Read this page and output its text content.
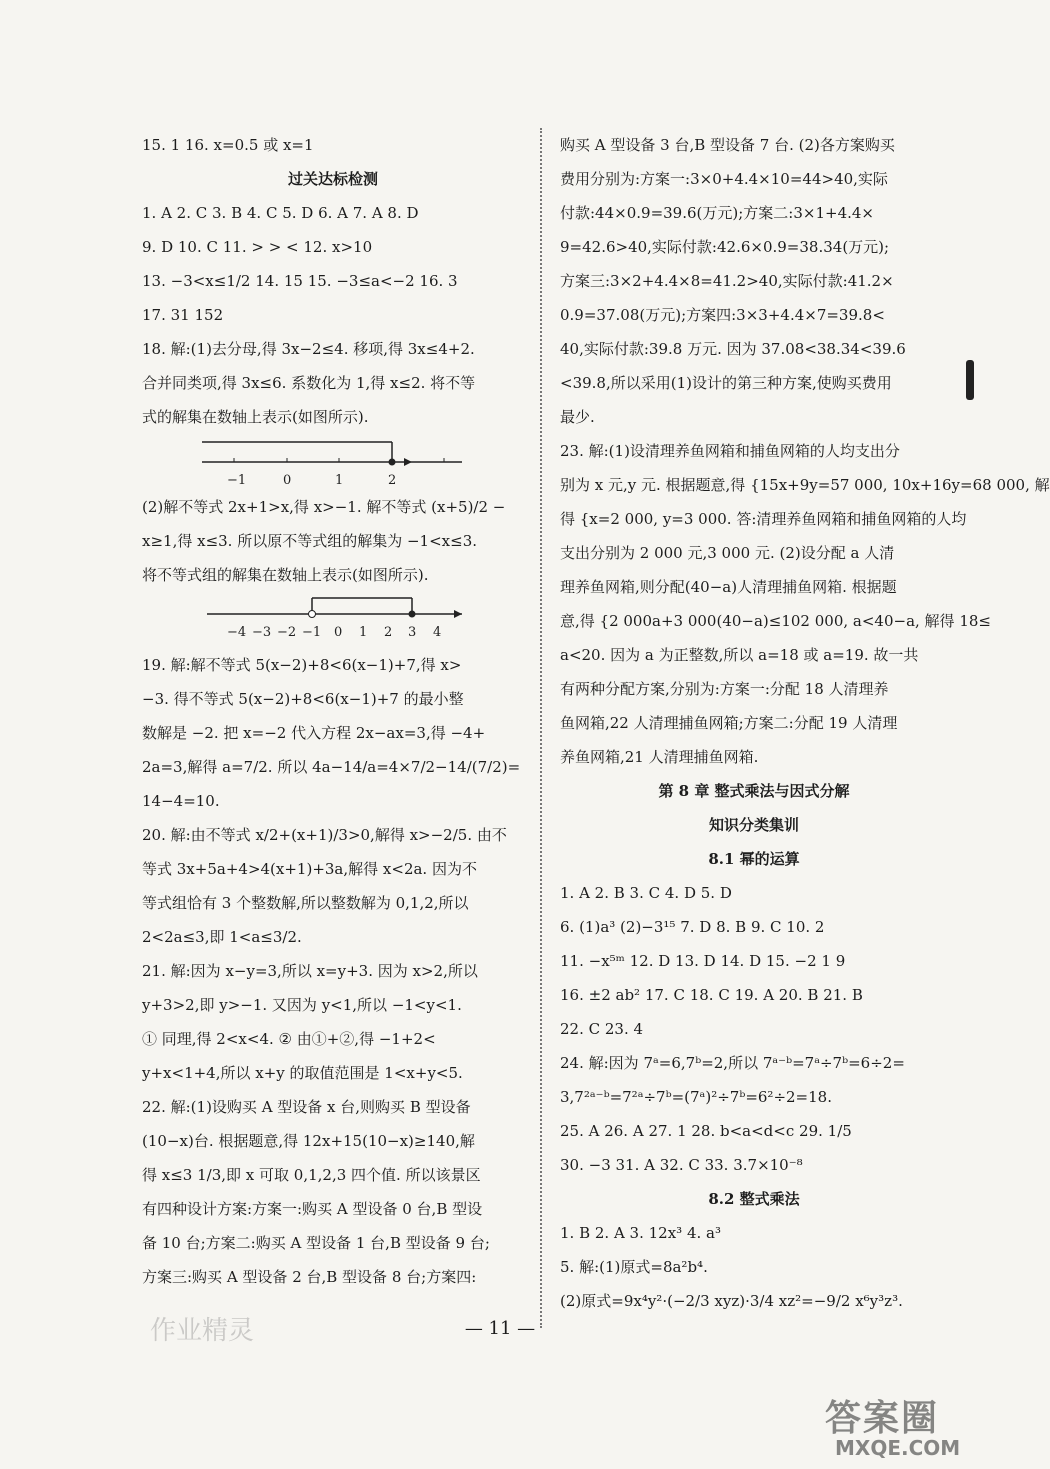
15. 1 16. x=0.5 或 x=1
过关达标检测
1. A 2. C 3. B 4. C 5. D 6. A 7. A 8. D
9. D 10. C 11. > > < 12. x>10
13. −3<x≤1/2 14. 15 15. −3≤a<−2 16. 3
17. 31 152
18. 解:(1)去分母,得 3x−2≤4. 移项,得 3x≤4+2.
合并同类项,得 3x≤6. 系数化为 1,得 x≤2. 将不等
式的解集在数轴上表示(如图所示).
−1	0	1	2
(2)解不等式 2x+1>x,得 x>−1. 解不等式 (x+5)/2 −
x≥1,得 x≤3. 所以原不等式组的解集为 −1<x≤3.
将不等式组的解集在数轴上表示(如图所示).
−4 −3 −2 −1 0 1 2 3 4
19. 解:解不等式 5(x−2)+8<6(x−1)+7,得 x>
−3. 得不等式 5(x−2)+8<6(x−1)+7 的最小整
数解是 −2. 把 x=−2 代入方程 2x−ax=3,得 −4+
2a=3,解得 a=7/2. 所以 4a−14/a=4×7/2−14/(7/2)=
14−4=10.
20. 解:由不等式 x/2+(x+1)/3>0,解得 x>−2/5. 由不
等式 3x+5a+4>4(x+1)+3a,解得 x<2a. 因为不
等式组恰有 3 个整数解,所以整数解为 0,1,2,所以
2<2a≤3,即 1<a≤3/2.
21. 解:因为 x−y=3,所以 x=y+3. 因为 x>2,所以
y+3>2,即 y>−1. 又因为 y<1,所以 −1<y<1.
① 同理,得 2<x<4. ② 由①+②,得 −1+2<
y+x<1+4,所以 x+y 的取值范围是 1<x+y<5.
22. 解:(1)设购买 A 型设备 x 台,则购买 B 型设备
(10−x)台. 根据题意,得 12x+15(10−x)≥140,解
得 x≤3 1/3,即 x 可取 0,1,2,3 四个值. 所以该景区
有四种设计方案:方案一:购买 A 型设备 0 台,B 型设
备 10 台;方案二:购买 A 型设备 1 台,B 型设备 9 台;
方案三:购买 A 型设备 2 台,B 型设备 8 台;方案四:
购买 A 型设备 3 台,B 型设备 7 台. (2)各方案购买
费用分别为:方案一:3×0+4.4×10=44>40,实际
付款:44×0.9=39.6(万元);方案二:3×1+4.4×
9=42.6>40,实际付款:42.6×0.9=38.34(万元);
方案三:3×2+4.4×8=41.2>40,实际付款:41.2×
0.9=37.08(万元);方案四:3×3+4.4×7=39.8<
40,实际付款:39.8 万元. 因为 37.08<38.34<39.6
<39.8,所以采用(1)设计的第三种方案,使购买费用
最少.
23. 解:(1)设清理养鱼网箱和捕鱼网箱的人均支出分
别为 x 元,y 元. 根据题意,得 {15x+9y=57 000, 10x+16y=68 000, 解
得 {x=2 000, y=3 000. 答:清理养鱼网箱和捕鱼网箱的人均
支出分别为 2 000 元,3 000 元. (2)设分配 a 人清
理养鱼网箱,则分配(40−a)人清理捕鱼网箱. 根据题
意,得 {2 000a+3 000(40−a)≤102 000, a<40−a, 解得 18≤
a<20. 因为 a 为正整数,所以 a=18 或 a=19. 故一共
有两种分配方案,分别为:方案一:分配 18 人清理养
鱼网箱,22 人清理捕鱼网箱;方案二:分配 19 人清理
养鱼网箱,21 人清理捕鱼网箱.
第 8 章 整式乘法与因式分解
知识分类集训
8.1 幂的运算
1. A 2. B 3. C 4. D 5. D
6. (1)a³ (2)−3¹⁵ 7. D 8. B 9. C 10. 2
11. −x⁵ᵐ 12. D 13. D 14. D 15. −2 1 9
16. ±2 ab² 17. C 18. C 19. A 20. B 21. B
22. C 23. 4
24. 解:因为 7ᵃ=6,7ᵇ=2,所以 7ᵃ⁻ᵇ=7ᵃ÷7ᵇ=6÷2=
3,7²ᵃ⁻ᵇ=7²ᵃ÷7ᵇ=(7ᵃ)²÷7ᵇ=6²÷2=18.
25. A 26. A 27. 1 28. b<a<d<c 29. 1/5
30. −3 31. A 32. C 33. 3.7×10⁻⁸
8.2 整式乘法
1. B 2. A 3. 12x³ 4. a³
5. 解:(1)原式=8a²b⁴.
(2)原式=9x⁴y²·(−2/3 xyz)·3/4 xz²=−9/2 x⁶y³z³.
— 11 —
作业精灵
答案圈
MXQE.COM
